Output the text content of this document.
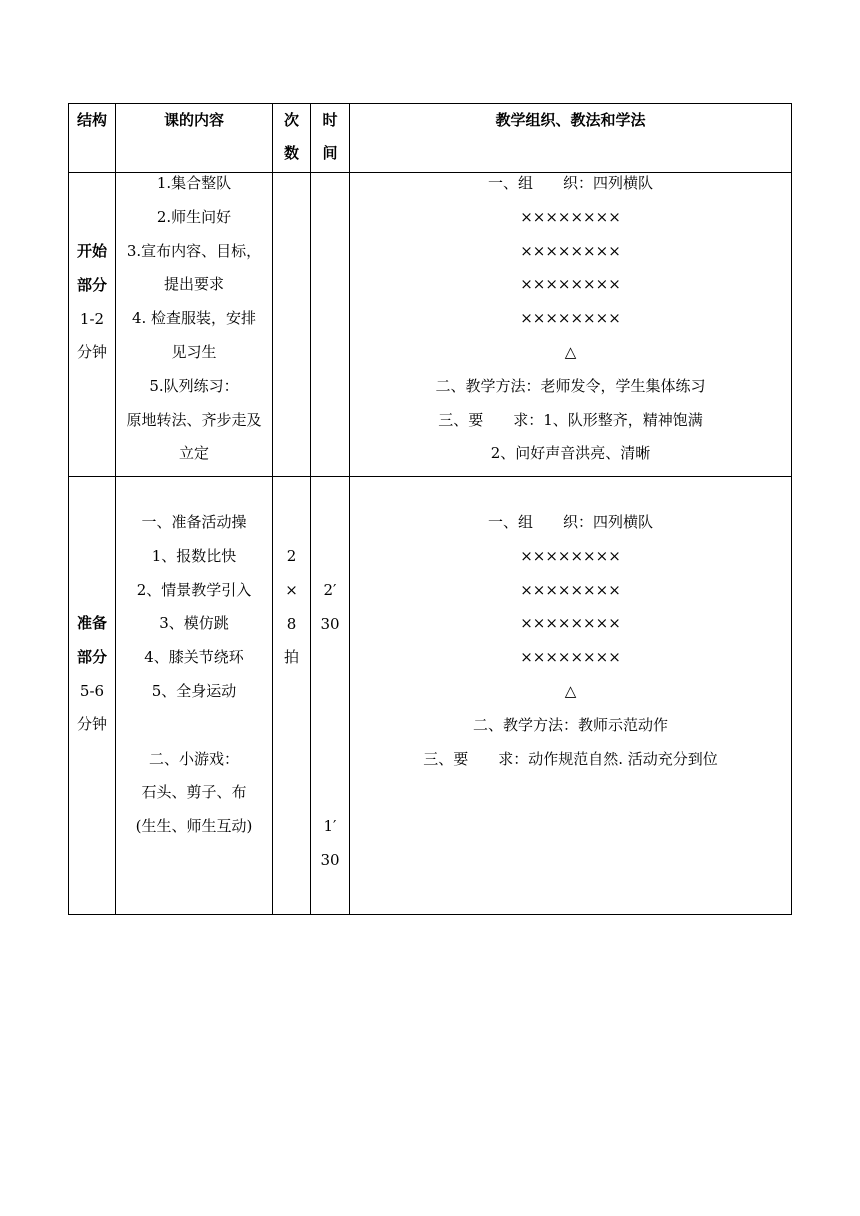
结构	课的内容	次
数
时
间
教学组织、教法和学法
开始
部分
1-2
分钟
1.集合整队
2.师生问好
3.宣布内容、目标，
提出要求
4. 检查服装，安排
见习生
5.队列练习：
原地转法、齐步走及
立定
一、组　　织：四列横队
××××××××
××××××××
××××××××
××××××××
△
二、教学方法：老师发令，学生集体练习
三、要　　求：1、队形整齐，精神饱满
2、问好声音洪亮、清晰
准备
部分
5-6
分钟
一、准备活动操
1、报数比快
2、情景教学引入
3、模仿跳
4、膝关节绕环
5、全身运动
二、小游戏：
石头、剪子、布
(生生、师生互动)
2
×
8
拍
2′
30
1′
30
一、组　　织：四列横队
××××××××
××××××××
××××××××
××××××××
△
二、教学方法：教师示范动作
三、要　　求：动作规范自然. 活动充分到位
